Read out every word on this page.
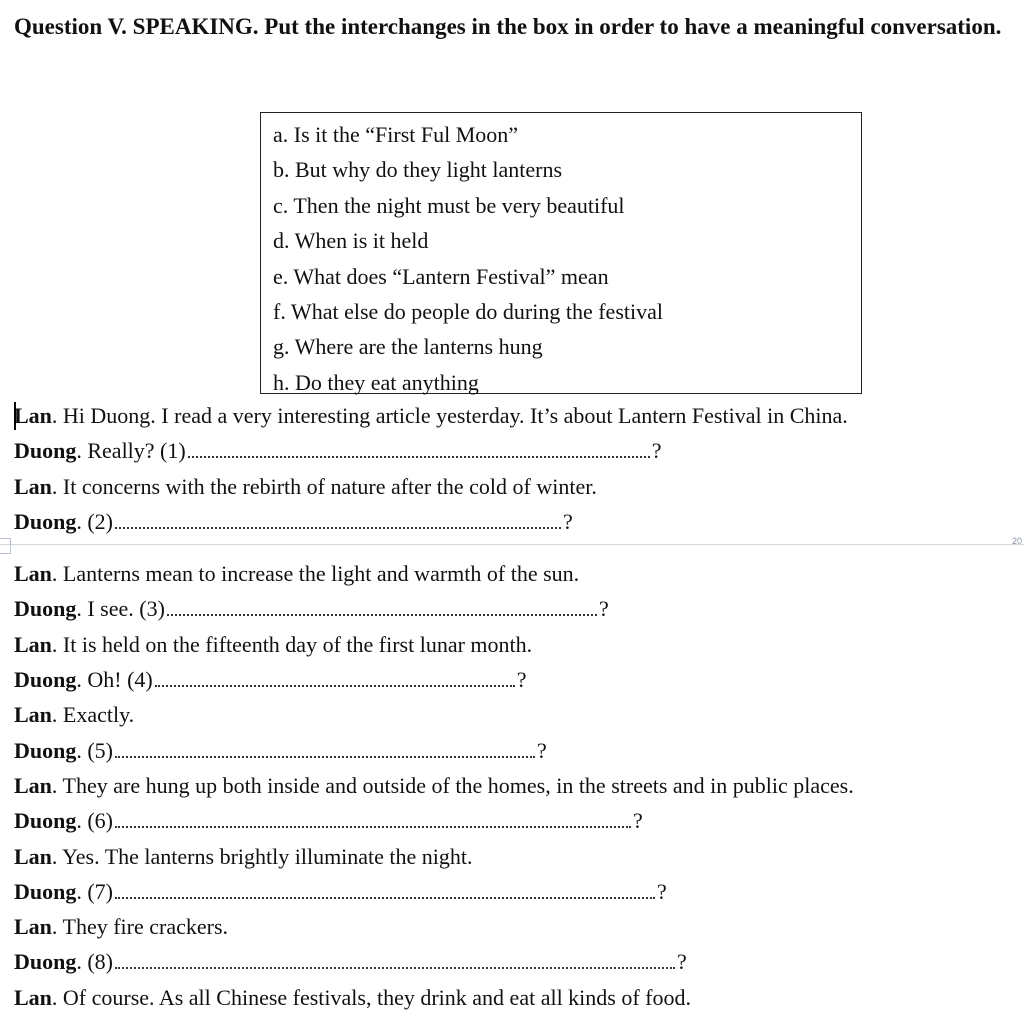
Question V. SPEAKING. Put the interchanges in the box in order to have a meaningful conversation.
a. Is it the “First Ful Moon”
b. But why do they light lanterns
c. Then the night must be very beautiful
d. When is it held
e. What does “Lantern Festival” mean
f. What else do people do during the festival
g. Where are the lanterns hung
h. Do they eat anything
Lan. Hi Duong. I read a very interesting article yesterday. It’s about Lantern Festival in China.
Duong. Really? (1)	?
Lan. It concerns with the rebirth of nature after the cold of winter.
Duong. (2)	?
Lan. Lanterns mean to increase the light and warmth of the sun.
Duong. I see. (3)	?
Lan. It is held on the fifteenth day of the first lunar month.
Duong. Oh! (4)	?
Lan. Exactly.
Duong. (5)	?
Lan. They are hung up both inside and outside of the homes, in the streets and in public places.
Duong. (6)	?
Lan. Yes. The lanterns brightly illuminate the night.
Duong. (7)	?
Lan. They fire crackers.
Duong. (8)	?
Lan. Of course. As all Chinese festivals, they drink and eat all kinds of food.
20
